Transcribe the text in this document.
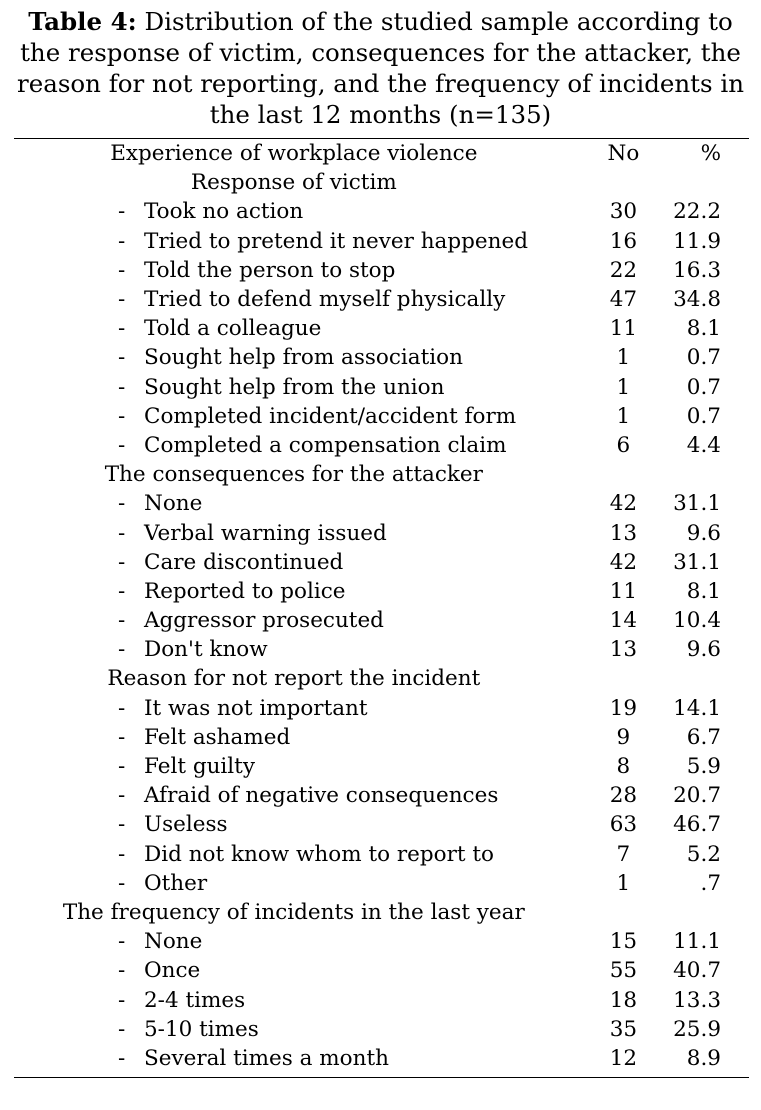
Table 4: Distribution of the studied sample according to
the response of victim, consequences for the attacker, the
reason for not reporting, and the frequency of incidents in
the last 12 months (n=135)
Experience of workplace violence	No	%
Response of victim		
- Took no action	30	22.2
- Tried to pretend it never happened	16	11.9
- Told the person to stop	22	16.3
- Tried to defend myself physically	47	34.8
- Told a colleague	11	8.1
- Sought help from association	1	0.7
- Sought help from the union	1	0.7
- Completed incident/accident form	1	0.7
- Completed a compensation claim	6	4.4
The consequences for the attacker		
- None	42	31.1
- Verbal warning issued	13	9.6
- Care discontinued	42	31.1
- Reported to police	11	8.1
- Aggressor prosecuted	14	10.4
- Don't know	13	9.6
Reason for not report the incident		
- It was not important	19	14.1
- Felt ashamed	9	6.7
- Felt guilty	8	5.9
- Afraid of negative consequences	28	20.7
- Useless	63	46.7
- Did not know whom to report to	7	5.2
- Other	1	.7
The frequency of incidents in the last year		
- None	15	11.1
- Once	55	40.7
- 2-4 times	18	13.3
- 5-10 times	35	25.9
- Several times a month	12	8.9
